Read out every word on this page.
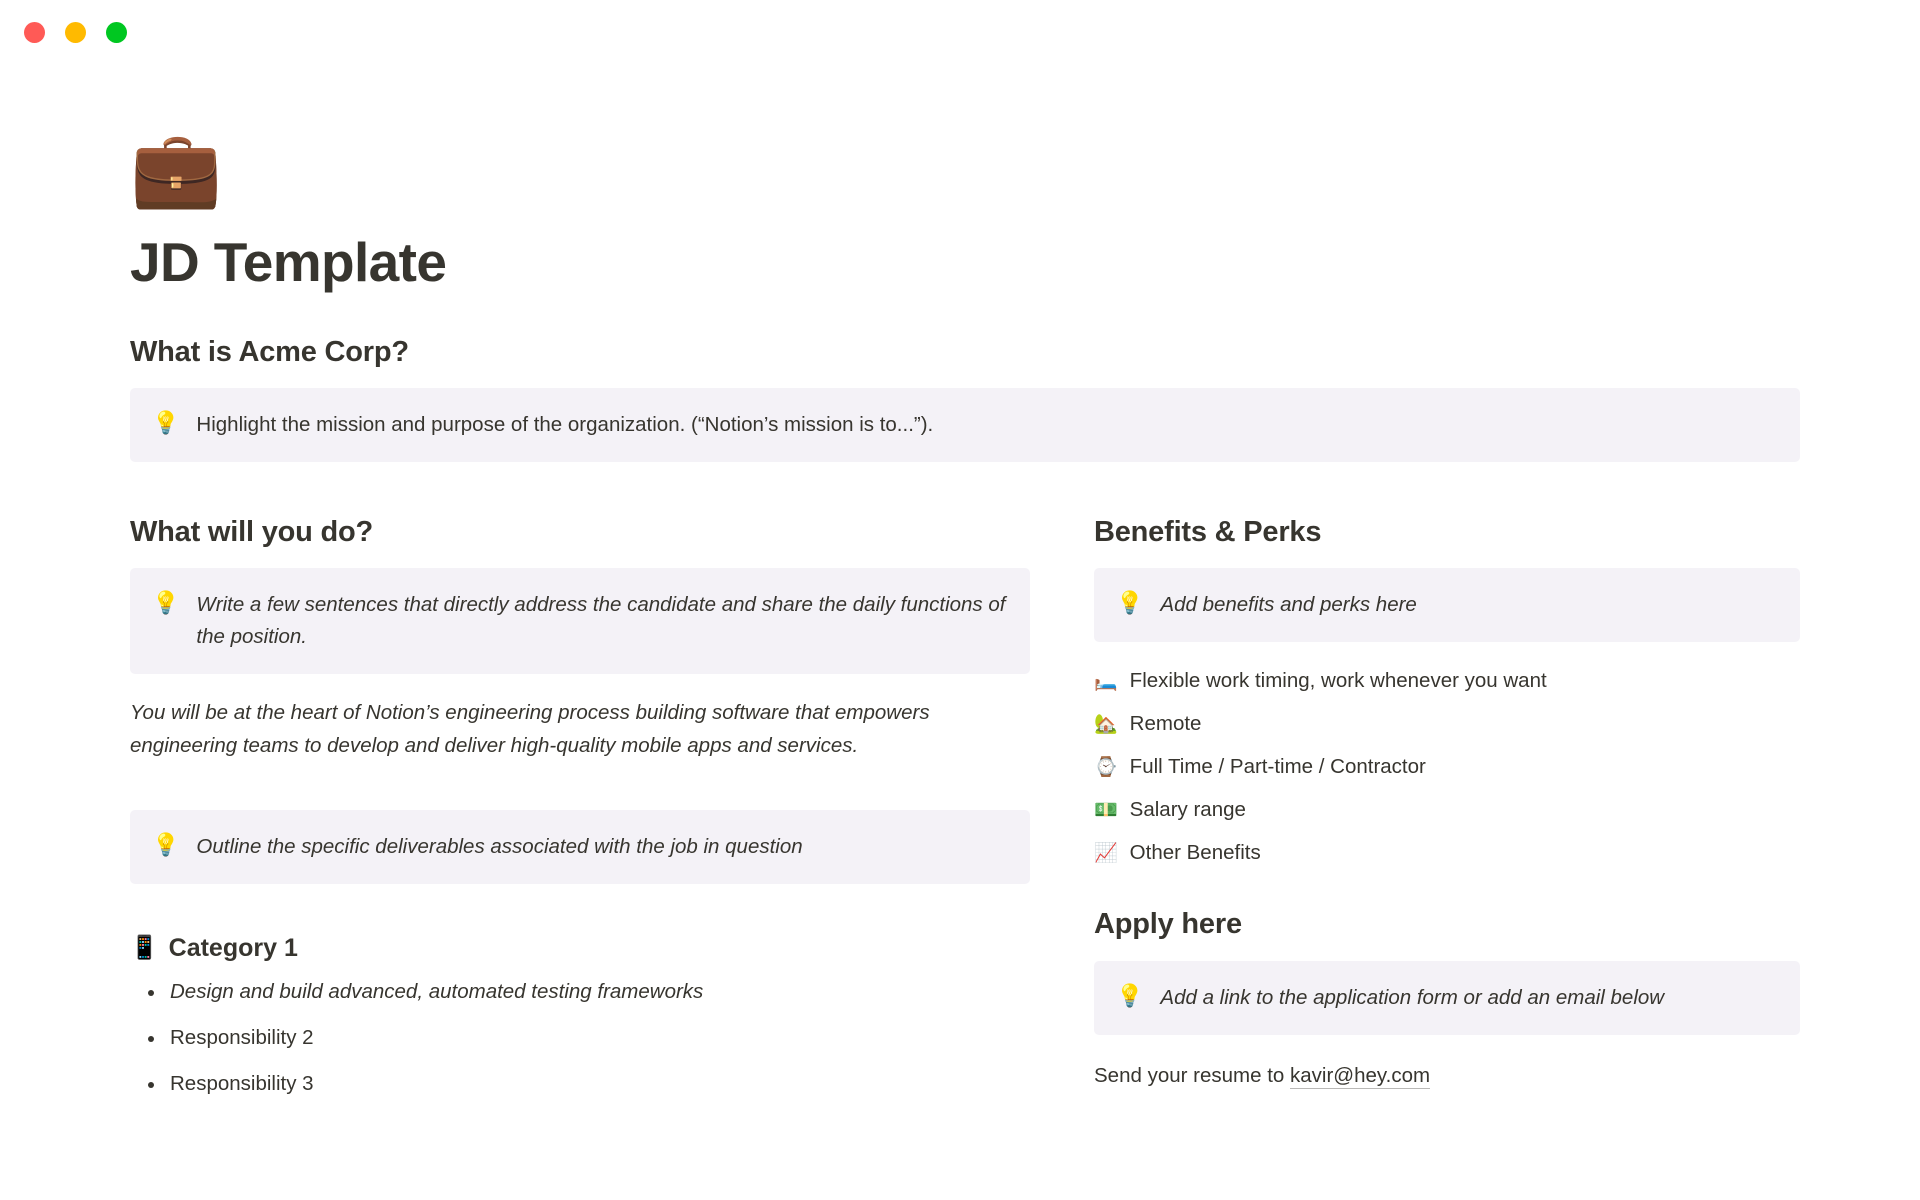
💼
JD Template
What is Acme Corp?
💡 Highlight the mission and purpose of the organization. (“Notion’s mission is to...”).
What will you do?
💡 Write a few sentences that directly address the candidate and share the daily functions of the position.

You will be at the heart of Notion’s engineering process building software that empowers engineering teams to develop and deliver high-quality mobile apps and services.

💡 Outline the specific deliverables associated with the job in question
📱 Category 1
Design and build advanced, automated testing frameworks
Responsibility 2
Responsibility 3
Benefits & Perks
💡 Add benefits and perks here
🛏️ Flexible work timing, work whenever you want
🏡 Remote
⌚ Full Time / Part-time / Contractor
💵 Salary range
📈 Other Benefits
Apply here
💡 Add a link to the application form or add an email below
Send your resume to kavir@hey.com
